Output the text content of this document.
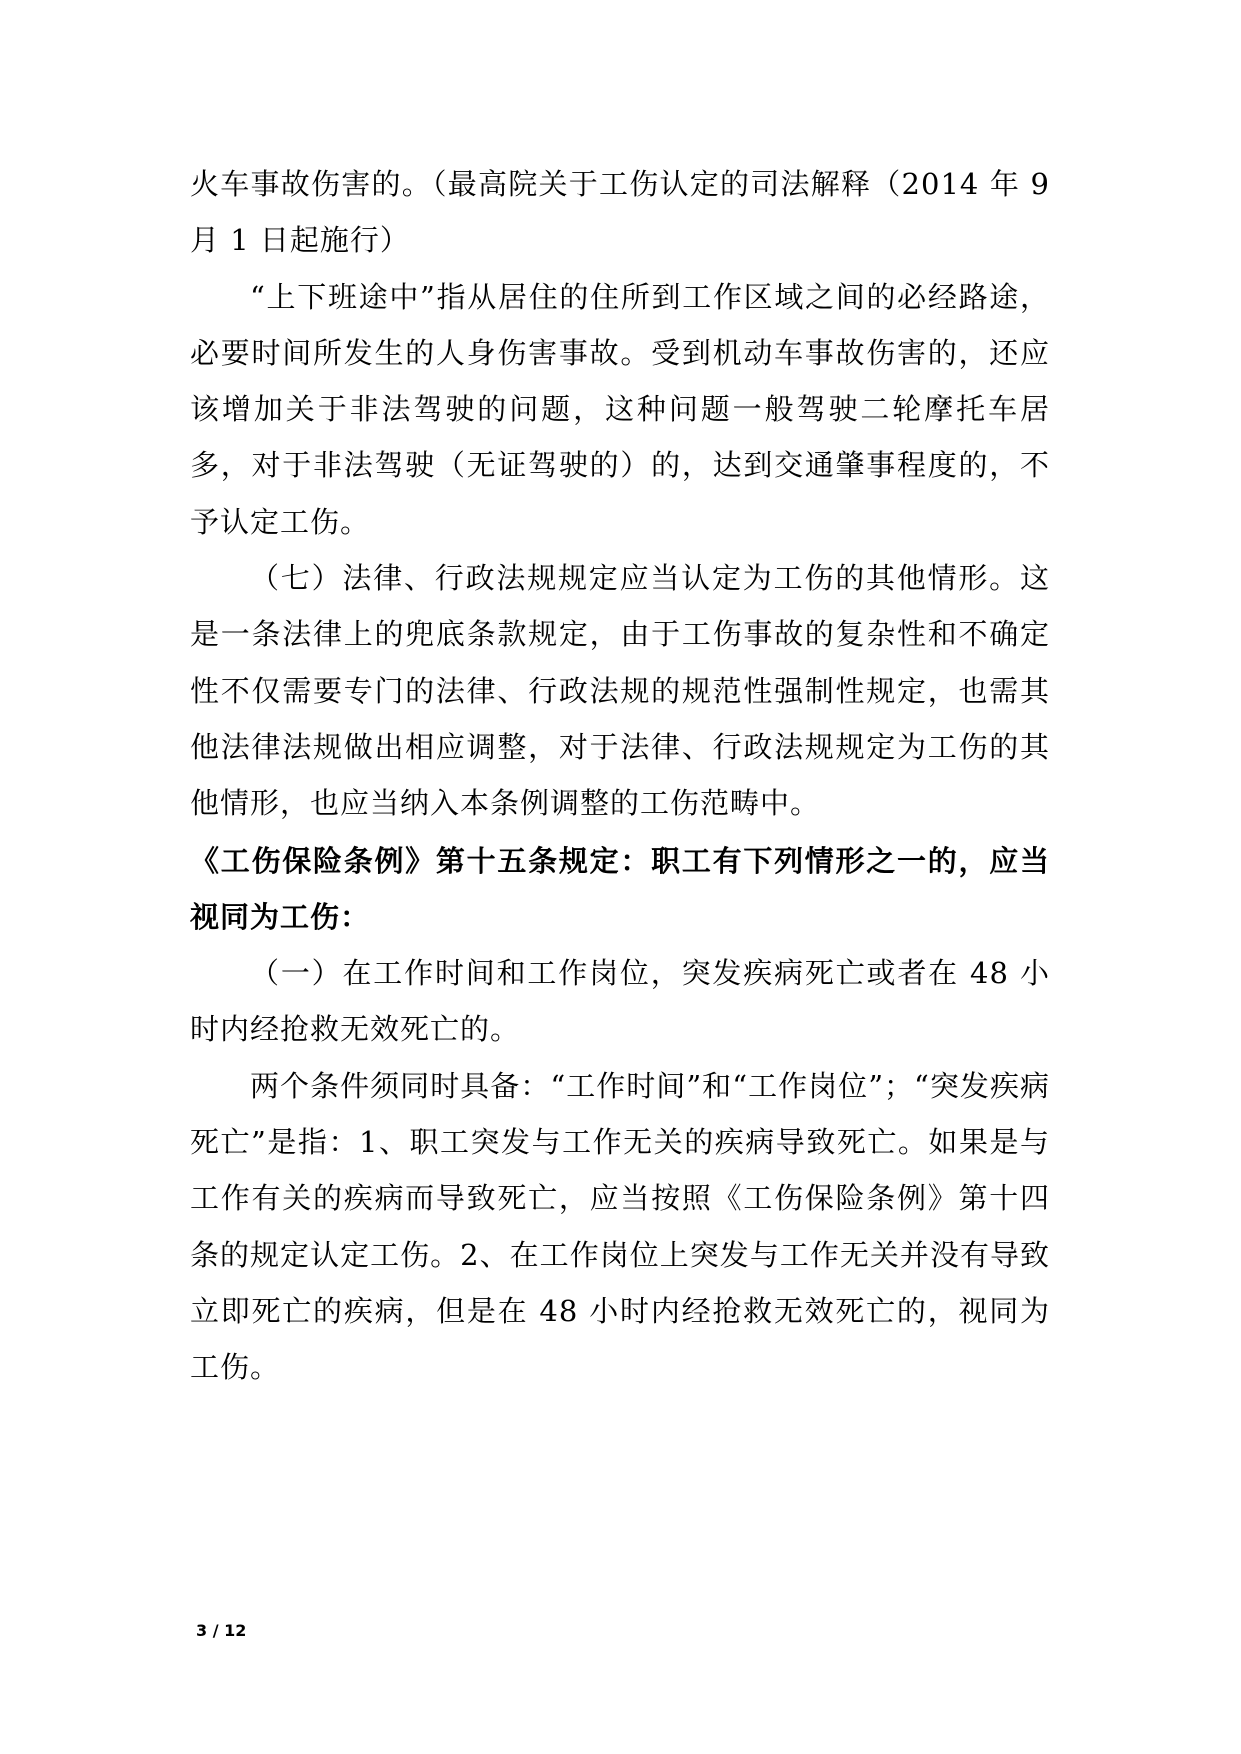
火车事故伤害的。（最高院关于工伤认定的司法解释（2014 年 9 月 1 日起施行）

“上下班途中”指从居住的住所到工作区域之间的必经路途，必要时间所发生的人身伤害事故。受到机动车事故伤害的，还应该增加关于非法驾驶的问题，这种问题一般驾驶二轮摩托车居多，对于非法驾驶（无证驾驶的）的，达到交通肇事程度的，不予认定工伤。

（七）法律、行政法规规定应当认定为工伤的其他情形。这是一条法律上的兜底条款规定，由于工伤事故的复杂性和不确定性不仅需要专门的法律、行政法规的规范性强制性规定，也需其他法律法规做出相应调整，对于法律、行政法规规定为工伤的其他情形，也应当纳入本条例调整的工伤范畴中。

《工伤保险条例》第十五条规定：职工有下列情形之一的，应当视同为工伤：

（一）在工作时间和工作岗位，突发疾病死亡或者在 48 小时内经抢救无效死亡的。

两个条件须同时具备：“工作时间”和“工作岗位”；“突发疾病死亡”是指：1、职工突发与工作无关的疾病导致死亡。如果是与工作有关的疾病而导致死亡，应当按照《工伤保险条例》第十四条的规定认定工伤。2、在工作岗位上突发与工作无关并没有导致立即死亡的疾病，但是在 48 小时内经抢救无效死亡的，视同为工伤。

3 / 12
